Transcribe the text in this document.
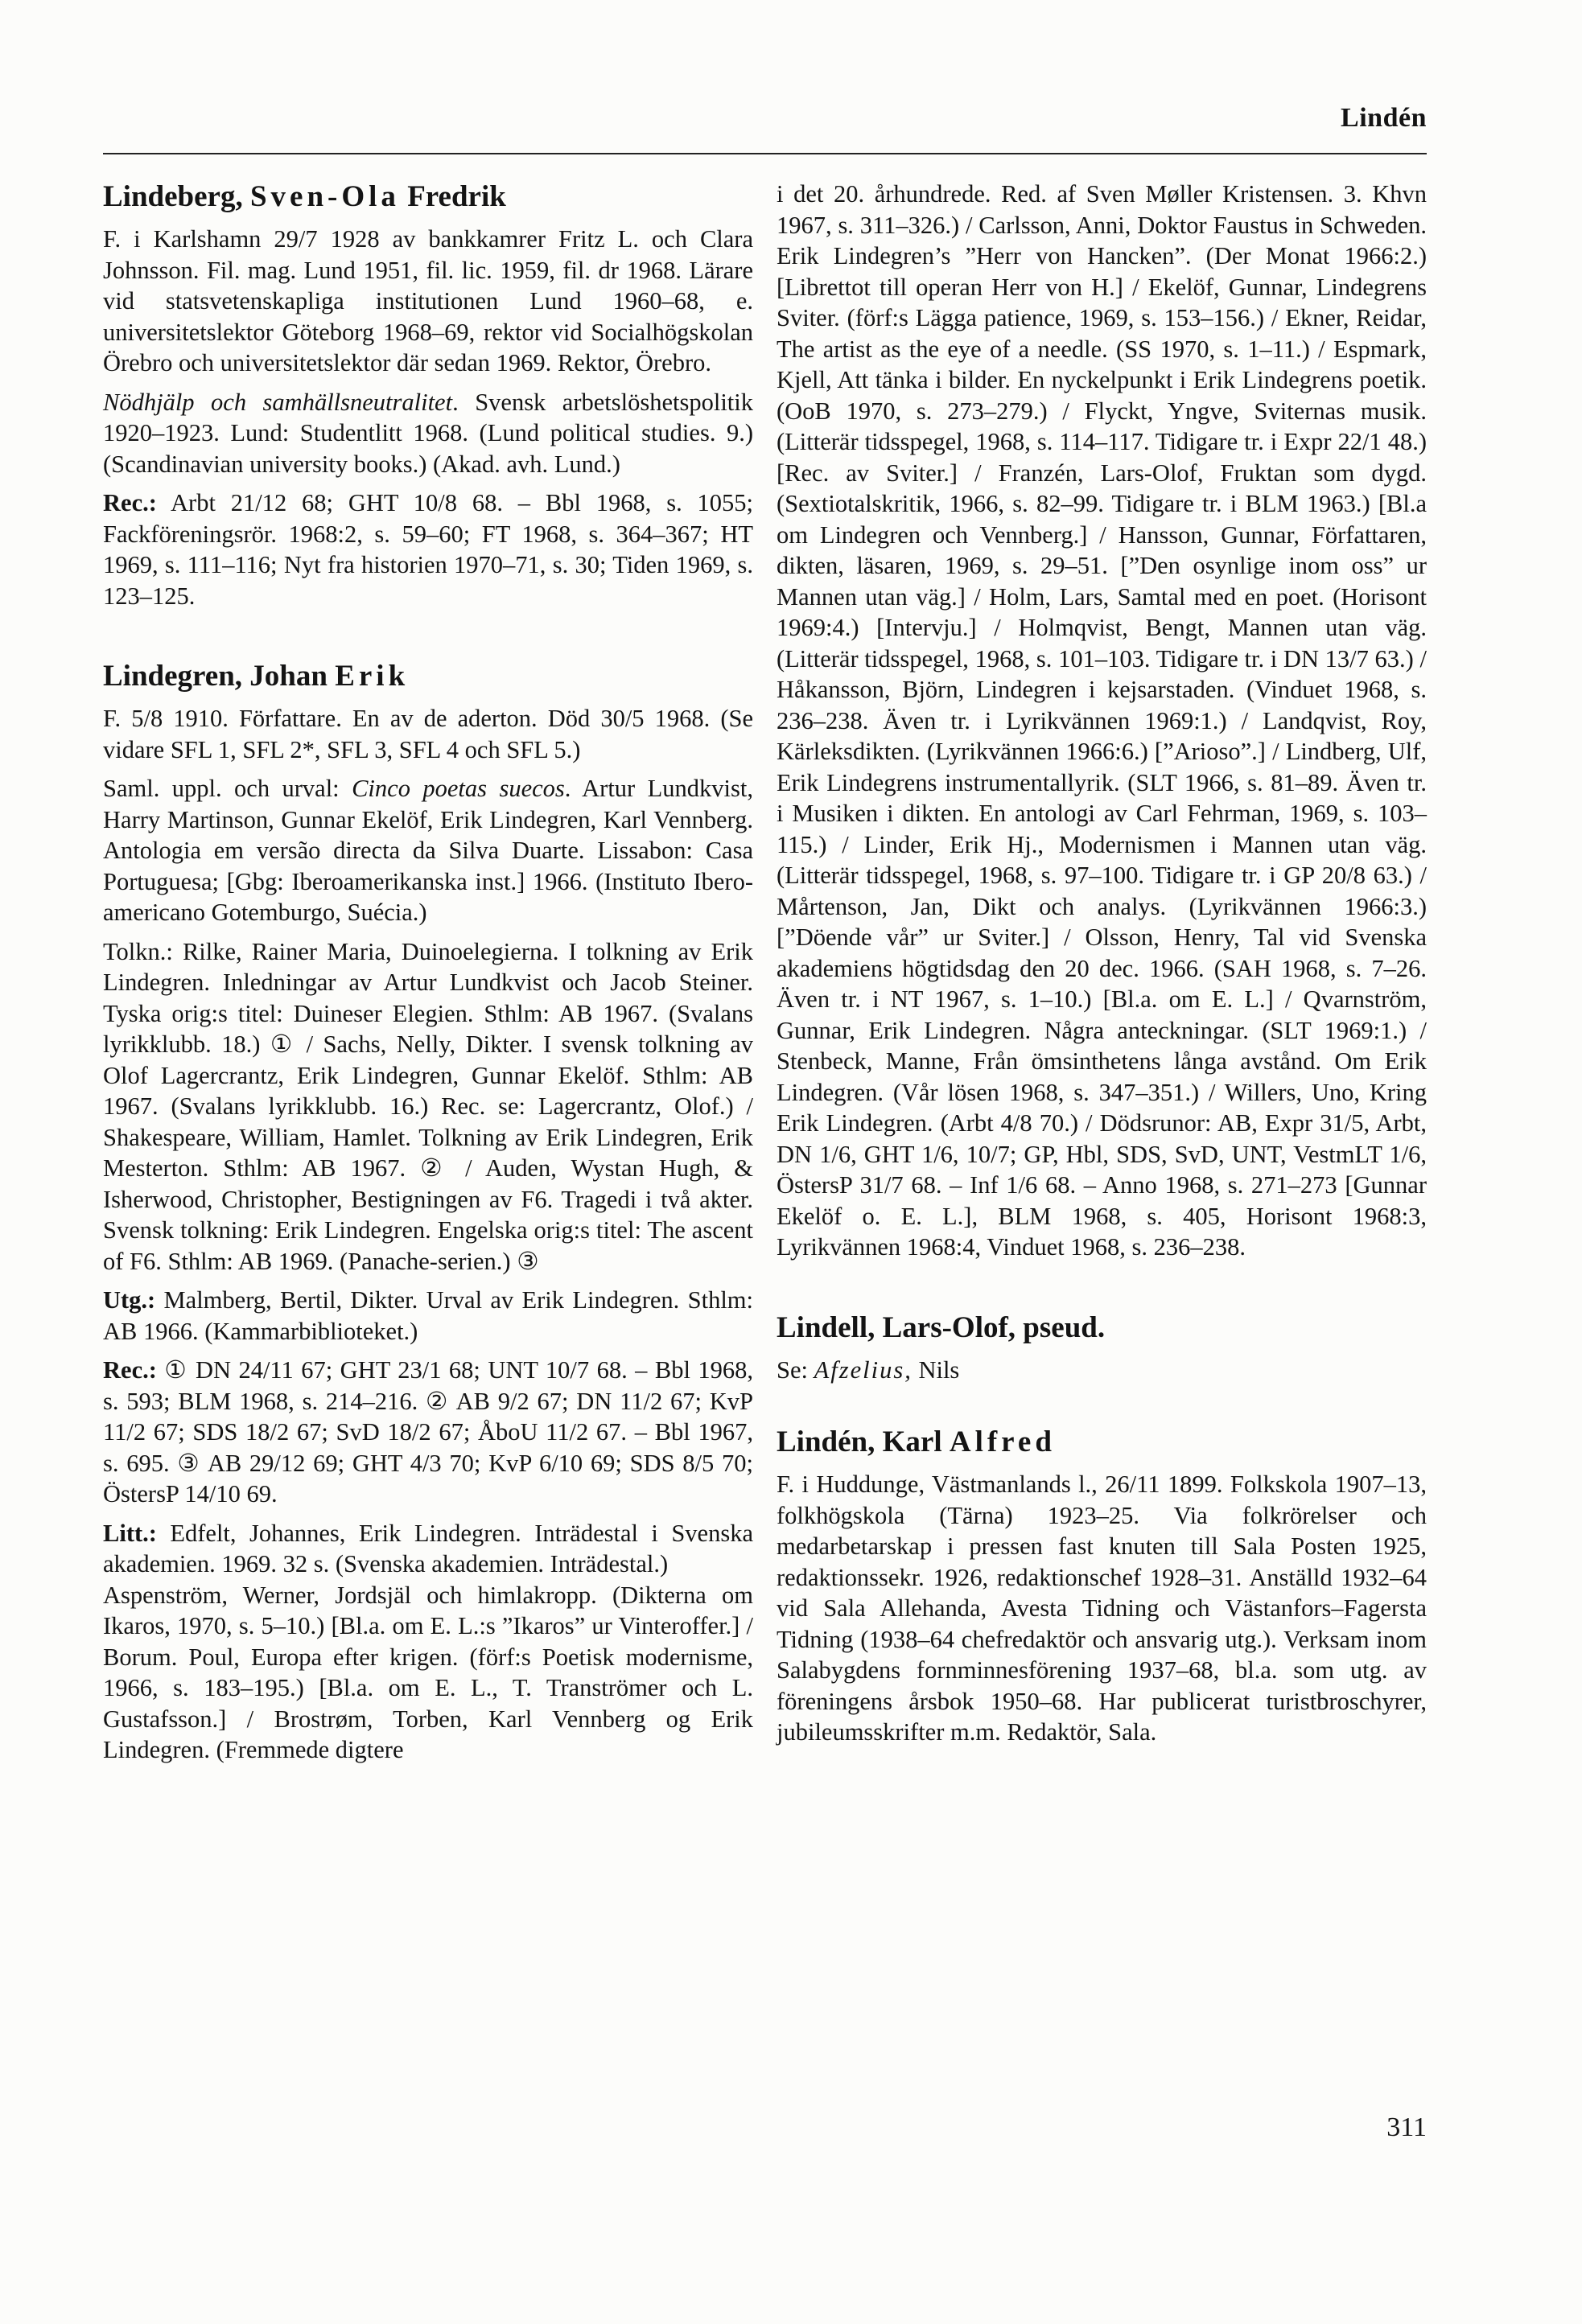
Lindén
Lindeberg, Sven-Ola Fredrik

F. i Karlshamn 29/7 1928 av bankkamrer Fritz L. och Clara Johnsson. Fil. mag. Lund 1951, fil. lic. 1959, fil. dr 1968. Lärare vid statsvetenskapliga institutionen Lund 1960–68, e. universitetslektor Göteborg 1968–69, rektor vid Socialhögskolan Örebro och universitetslektor där sedan 1969. Rektor, Örebro.

Nödhjälp och samhällsneutralitet. Svensk arbetslöshetspolitik 1920–1923. Lund: Studentlitt 1968. (Lund political studies. 9.) (Scandinavian university books.) (Akad. avh. Lund.)

Rec.: Arbt 21/12 68; GHT 10/8 68. – Bbl 1968, s. 1055; Fackföreningsrör. 1968:2, s. 59–60; FT 1968, s. 364–367; HT 1969, s. 111–116; Nyt fra historien 1970–71, s. 30; Tiden 1969, s. 123–125.

Lindegren, Johan Erik

F. 5/8 1910. Författare. En av de aderton. Död 30/5 1968. (Se vidare SFL 1, SFL 2*, SFL 3, SFL 4 och SFL 5.)

Saml. uppl. och urval: Cinco poetas suecos. Artur Lundkvist, Harry Martinson, Gunnar Ekelöf, Erik Lindegren, Karl Vennberg. Antologia em versão directa da Silva Duarte. Lissabon: Casa Portuguesa; [Gbg: Iberoamerikanska inst.] 1966. (Instituto Ibero-americano Gotemburgo, Suécia.)

Tolkn.: Rilke, Rainer Maria, Duinoelegierna. I tolkning av Erik Lindegren. Inledningar av Artur Lundkvist och Jacob Steiner. Tyska orig:s titel: Duineser Elegien. Sthlm: AB 1967. (Svalans lyrikklubb. 18.) ① / Sachs, Nelly, Dikter. I svensk tolkning av Olof Lagercrantz, Erik Lindegren, Gunnar Ekelöf. Sthlm: AB 1967. (Svalans lyrikklubb. 16.) Rec. se: Lagercrantz, Olof.) / Shakespeare, William, Hamlet. Tolkning av Erik Lindegren, Erik Mesterton. Sthlm: AB 1967. ② / Auden, Wystan Hugh, & Isherwood, Christopher, Bestigningen av F6. Tragedi i två akter. Svensk tolkning: Erik Lindegren. Engelska orig:s titel: The ascent of F6. Sthlm: AB 1969. (Panache-serien.) ③

Utg.: Malmberg, Bertil, Dikter. Urval av Erik Lindegren. Sthlm: AB 1966. (Kammarbiblioteket.)

Rec.: ① DN 24/11 67; GHT 23/1 68; UNT 10/7 68. – Bbl 1968, s. 593; BLM 1968, s. 214–216. ② AB 9/2 67; DN 11/2 67; KvP 11/2 67; SDS 18/2 67; SvD 18/2 67; ÅboU 11/2 67. – Bbl 1967, s. 695. ③ AB 29/12 69; GHT 4/3 70; KvP 6/10 69; SDS 8/5 70; ÖstersP 14/10 69.

Litt.: Edfelt, Johannes, Erik Lindegren. Inträdestal i Svenska akademien. 1969. 32 s. (Svenska akademien. Inträdestal.)

Aspenström, Werner, Jordsjäl och himlakropp. (Dikterna om Ikaros, 1970, s. 5–10.) [Bl.a. om E. L.:s ”Ikaros” ur Vinteroffer.] / Borum. Poul, Europa efter krigen. (förf:s Poetisk modernisme, 1966, s. 183–195.) [Bl.a. om E. L., T. Tranströmer och L. Gustafsson.] / Brostrøm, Torben, Karl Vennberg og Erik Lindegren. (Fremmede digtere

i det 20. århundrede. Red. af Sven Møller Kristensen. 3. Khvn 1967, s. 311–326.) / Carlsson, Anni, Doktor Faustus in Schweden. Erik Lindegren’s ”Herr von Hancken”. (Der Monat 1966:2.) [Librettot till operan Herr von H.] / Ekelöf, Gunnar, Lindegrens Sviter. (förf:s Lägga patience, 1969, s. 153–156.) / Ekner, Reidar, The artist as the eye of a needle. (SS 1970, s. 1–11.) / Espmark, Kjell, Att tänka i bilder. En nyckelpunkt i Erik Lindegrens poetik. (OoB 1970, s. 273–279.) / Flyckt, Yngve, Sviternas musik. (Litterär tidsspegel, 1968, s. 114–117. Tidigare tr. i Expr 22/1 48.) [Rec. av Sviter.] / Franzén, Lars-Olof, Fruktan som dygd. (Sextiotalskritik, 1966, s. 82–99. Tidigare tr. i BLM 1963.) [Bl.a om Lindegren och Vennberg.] / Hansson, Gunnar, Författaren, dikten, läsaren, 1969, s. 29–51. [”Den osynlige inom oss” ur Mannen utan väg.] / Holm, Lars, Samtal med en poet. (Horisont 1969:4.) [Intervju.] / Holmqvist, Bengt, Mannen utan väg. (Litterär tidsspegel, 1968, s. 101–103. Tidigare tr. i DN 13/7 63.) / Håkansson, Björn, Lindegren i kejsarstaden. (Vinduet 1968, s. 236–238. Även tr. i Lyrikvännen 1969:1.) / Landqvist, Roy, Kärleksdikten. (Lyrikvännen 1966:6.) [”Arioso”.] / Lindberg, Ulf, Erik Lindegrens instrumentallyrik. (SLT 1966, s. 81–89. Även tr. i Musiken i dikten. En antologi av Carl Fehrman, 1969, s. 103–115.) / Linder, Erik Hj., Modernismen i Mannen utan väg. (Litterär tidsspegel, 1968, s. 97–100. Tidigare tr. i GP 20/8 63.) / Mårtenson, Jan, Dikt och analys. (Lyrikvännen 1966:3.) [”Döende vår” ur Sviter.] / Olsson, Henry, Tal vid Svenska akademiens högtidsdag den 20 dec. 1966. (SAH 1968, s. 7–26. Även tr. i NT 1967, s. 1–10.) [Bl.a. om E. L.] / Qvarnström, Gunnar, Erik Lindegren. Några anteckningar. (SLT 1969:1.) / Stenbeck, Manne, Från ömsinthetens långa avstånd. Om Erik Lindegren. (Vår lösen 1968, s. 347–351.) / Willers, Uno, Kring Erik Lindegren. (Arbt 4/8 70.) / Dödsrunor: AB, Expr 31/5, Arbt, DN 1/6, GHT 1/6, 10/7; GP, Hbl, SDS, SvD, UNT, VestmLT 1/6, ÖstersP 31/7 68. – Inf 1/6 68. – Anno 1968, s. 271–273 [Gunnar Ekelöf o. E. L.], BLM 1968, s. 405, Horisont 1968:3, Lyrikvännen 1968:4, Vinduet 1968, s. 236–238.

Lindell, Lars-Olof, pseud.

Se: Afzelius, Nils

Lindén, Karl Alfred

F. i Huddunge, Västmanlands l., 26/11 1899. Folkskola 1907–13, folkhögskola (Tärna) 1923–25. Via folkrörelser och medarbetarskap i pressen fast knuten till Sala Posten 1925, redaktionssekr. 1926, redaktionschef 1928–31. Anställd 1932–64 vid Sala Allehanda, Avesta Tidning och Västanfors–Fagersta Tidning (1938–64 chefredaktör och ansvarig utg.). Verksam inom Salabygdens fornminnesförening 1937–68, bl.a. som utg. av föreningens årsbok 1950–68. Har publicerat turistbroschyrer, jubileumsskrifter m.m. Redaktör, Sala.

311
